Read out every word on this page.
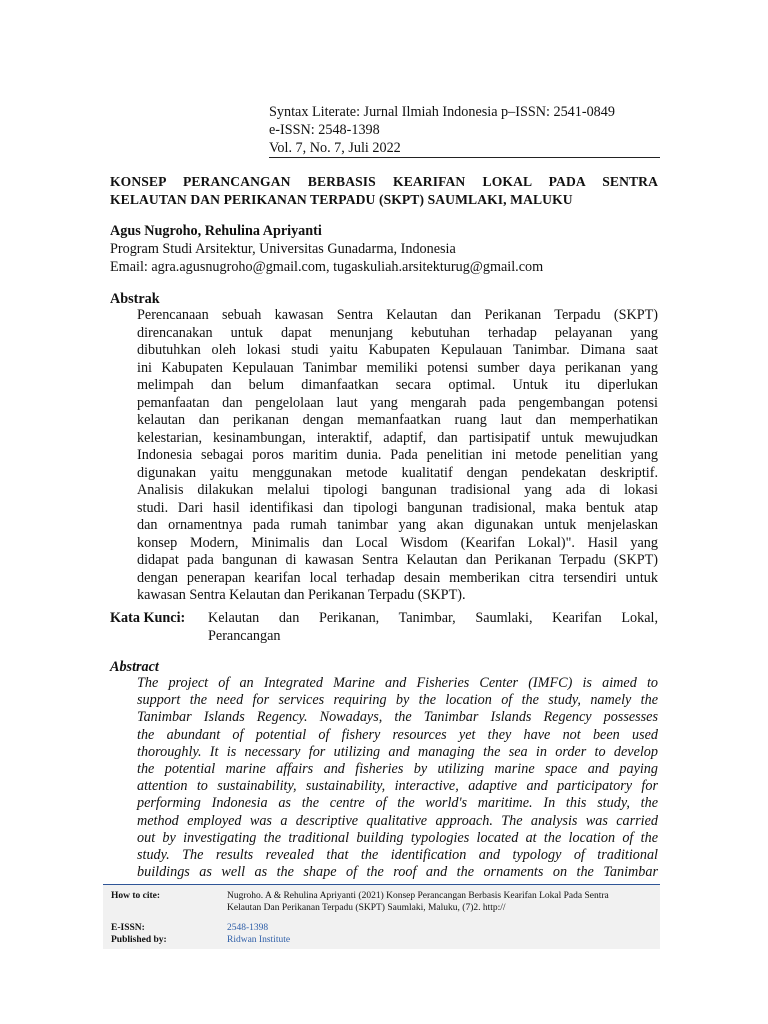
Syntax Literate: Jurnal Ilmiah Indonesia p–ISSN: 2541-0849
e-ISSN: 2548-1398
Vol. 7, No. 7, Juli 2022
KONSEP PERANCANGAN BERBASIS KEARIFAN LOKAL PADA SENTRA
KELAUTAN DAN PERIKANAN TERPADU (SKPT) SAUMLAKI, MALUKU
Agus Nugroho, Rehulina Apriyanti
Program Studi Arsitektur, Universitas Gunadarma, Indonesia
Email: agra.agusnugroho@gmail.com, tugaskuliah.arsitekturug@gmail.com
Abstrak
Perencanaan sebuah kawasan Sentra Kelautan dan Perikanan Terpadu (SKPT)
direncanakan untuk dapat menunjang kebutuhan terhadap pelayanan yang
dibutuhkan oleh lokasi studi yaitu Kabupaten Kepulauan Tanimbar. Dimana saat
ini Kabupaten Kepulauan Tanimbar memiliki potensi sumber daya perikanan yang
melimpah dan belum dimanfaatkan secara optimal. Untuk itu diperlukan
pemanfaatan dan pengelolaan laut yang mengarah pada pengembangan potensi
kelautan dan perikanan dengan memanfaatkan ruang laut dan memperhatikan
kelestarian, kesinambungan, interaktif, adaptif, dan partisipatif untuk mewujudkan
Indonesia sebagai poros maritim dunia. Pada penelitian ini metode penelitian yang
digunakan yaitu menggunakan metode kualitatif dengan pendekatan deskriptif.
Analisis dilakukan melalui tipologi bangunan tradisional yang ada di lokasi
studi. Dari hasil identifikasi dan tipologi bangunan tradisional, maka bentuk atap
dan ornamentnya pada rumah tanimbar yang akan digunakan untuk menjelaskan
konsep Modern, Minimalis dan Local Wisdom (Kearifan Lokal)". Hasil yang
didapat pada bangunan di kawasan Sentra Kelautan dan Perikanan Terpadu (SKPT)
dengan penerapan kearifan local terhadap desain memberikan citra tersendiri untuk
kawasan Sentra Kelautan dan Perikanan Terpadu (SKPT).
Kata Kunci: Kelautan dan Perikanan, Tanimbar, Saumlaki, Kearifan Lokal,
Perancangan
Abstract
The project of an Integrated Marine and Fisheries Center (IMFC) is aimed to
support the need for services requiring by the location of the study, namely the
Tanimbar Islands Regency. Nowadays, the Tanimbar Islands Regency possesses
the abundant of potential of fishery resources yet they have not been used
thoroughly. It is necessary for utilizing and managing the sea in order to develop
the potential marine affairs and fisheries by utilizing marine space and paying
attention to sustainability, sustainability, interactive, adaptive and participatory for
performing Indonesia as the centre of the world's maritime. In this study, the
method employed was a descriptive qualitative approach. The analysis was carried
out by investigating the traditional building typologies located at the location of the
study. The results revealed that the identification and typology of traditional
buildings as well as the shape of the roof and the ornaments on the Tanimbar
How to cite:	Nugroho. A & Rehulina Apriyanti (2021) Konsep Perancangan Berbasis Kearifan Lokal Pada Sentra
Kelautan Dan Perikanan Terpadu (SKPT) Saumlaki, Maluku, (7)2. http://
E-ISSN:	2548-1398
Published by:	Ridwan Institute
